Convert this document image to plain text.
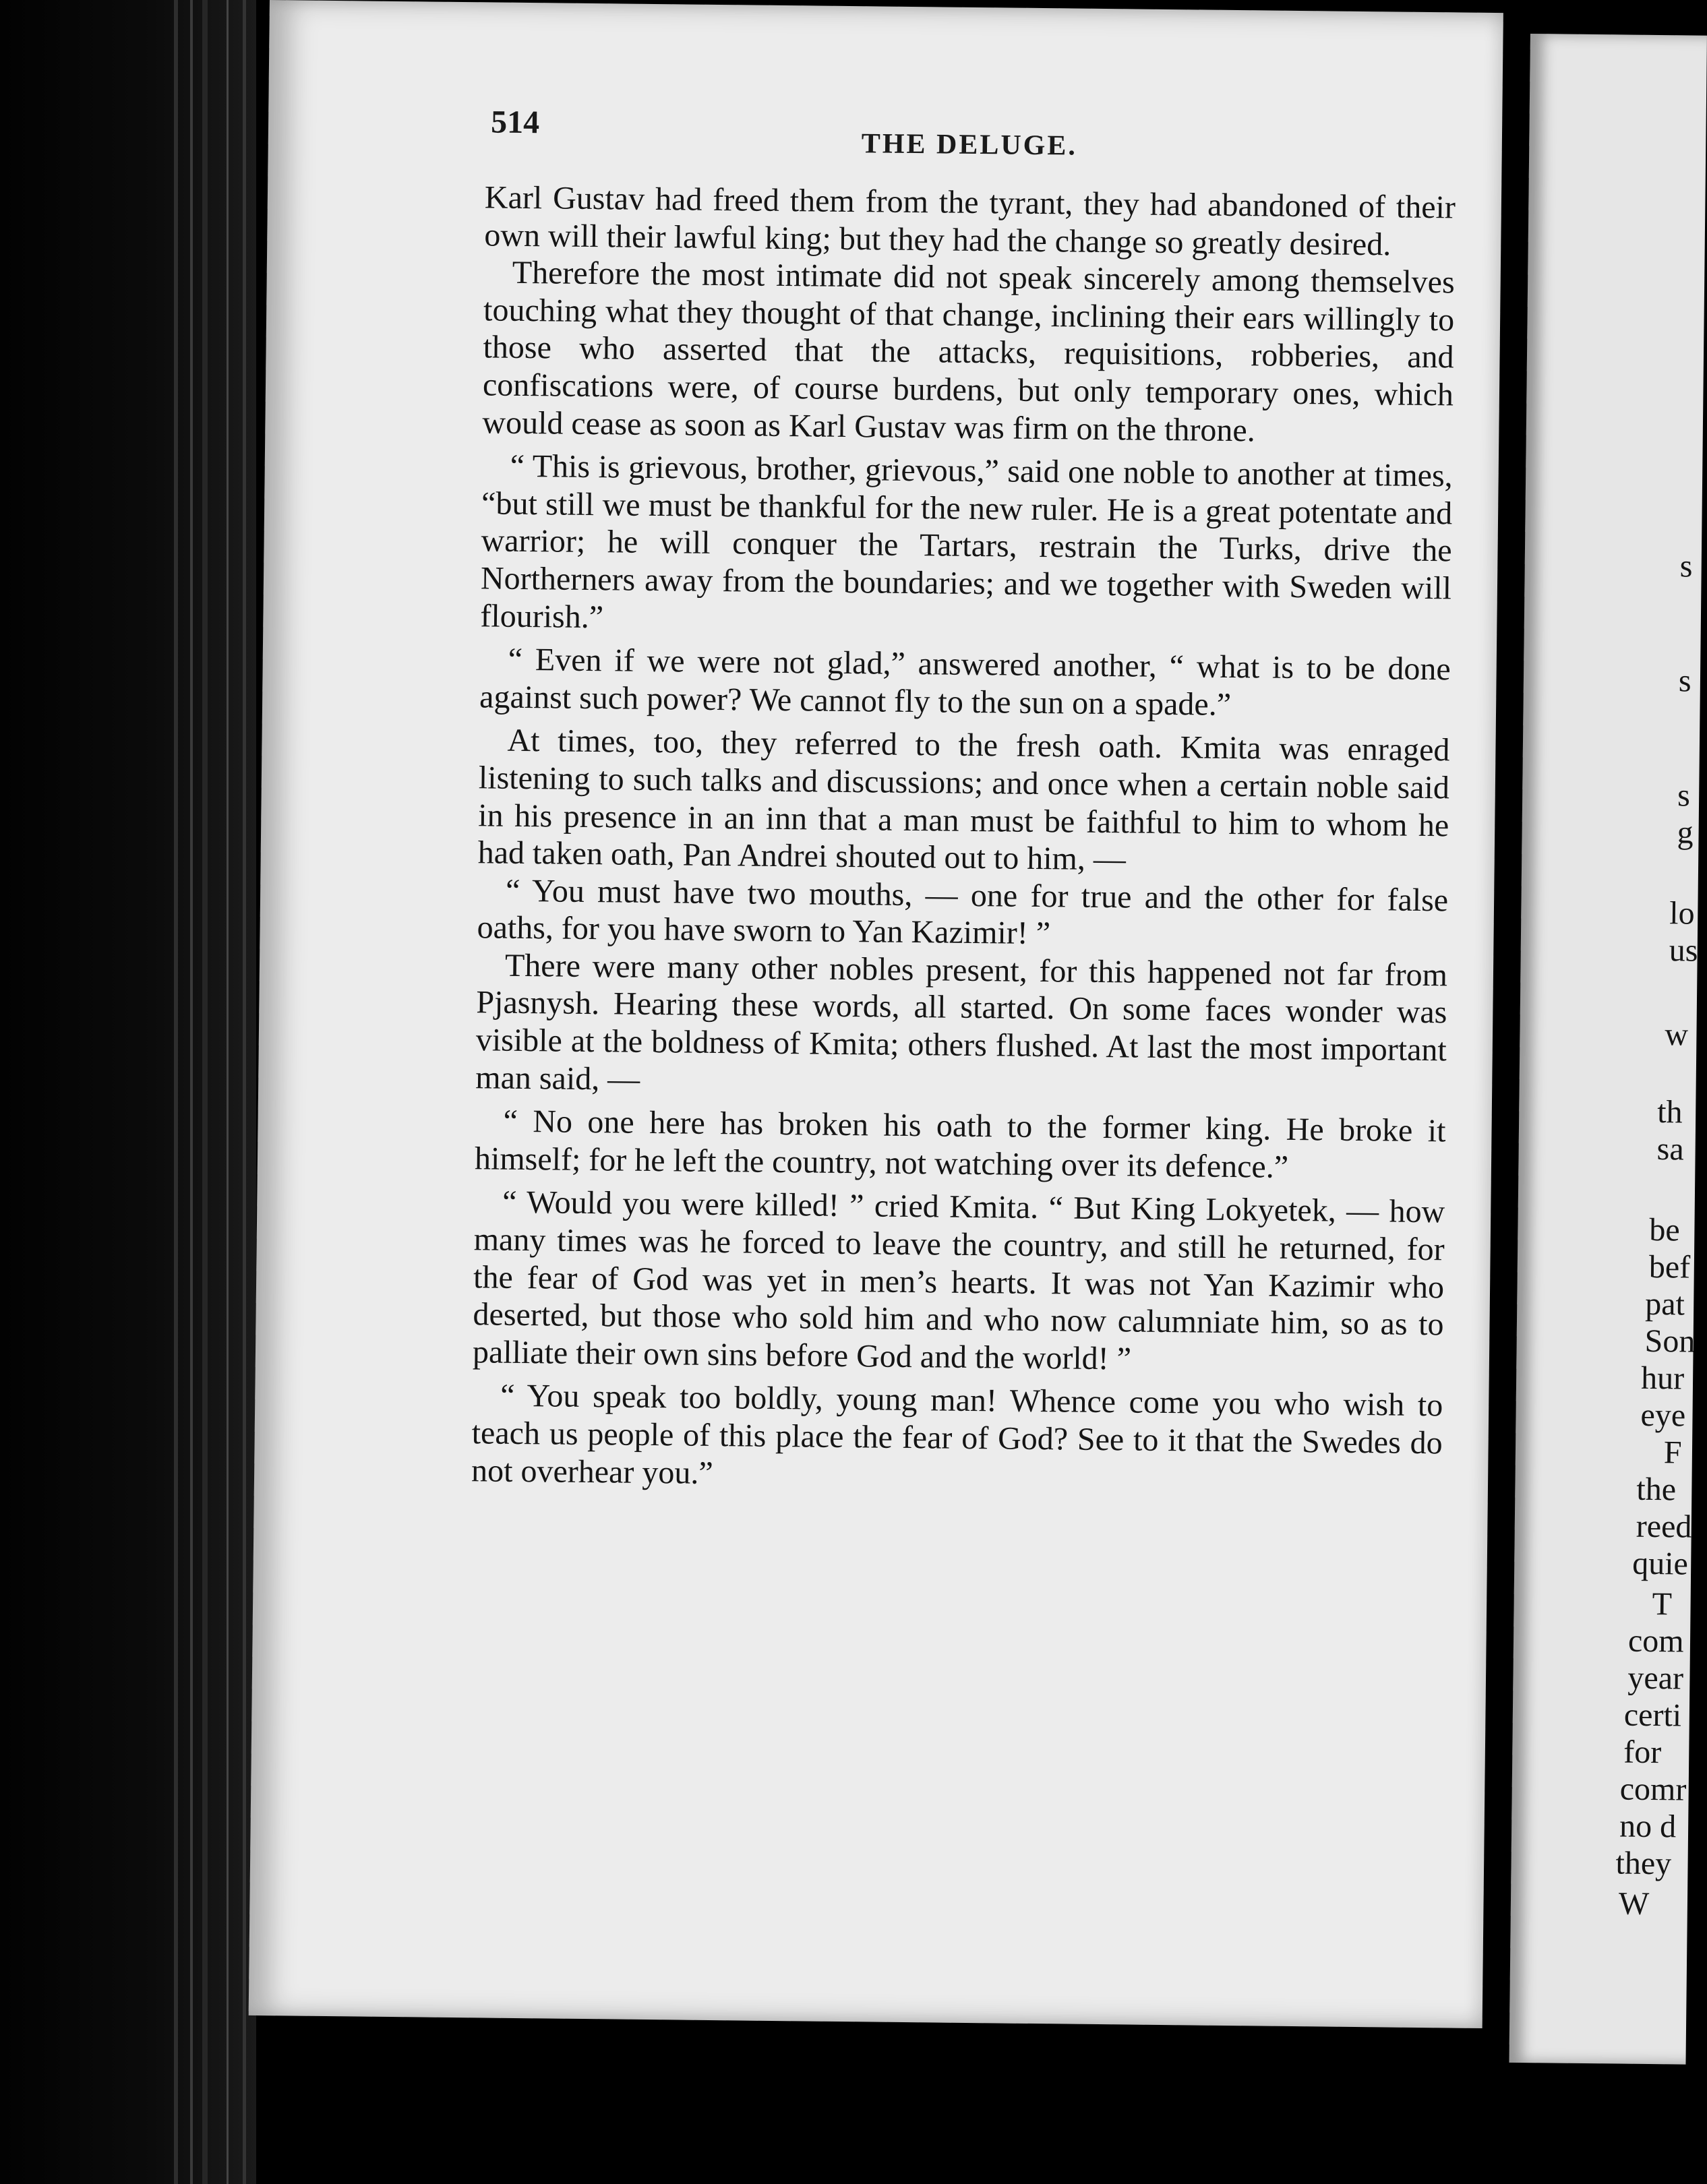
514
THE DELUGE.

Karl Gustav had freed them from the tyrant, they had abandoned of their own will their lawful king; but they had the change so greatly desired.

Therefore the most intimate did not speak sincerely among themselves touching what they thought of that change, inclining their ears willingly to those who asserted that the attacks, requisitions, robberies, and confiscations were, of course burdens, but only temporary ones, which would cease as soon as Karl Gustav was firm on the throne.

“ This is grievous, brother, grievous,” said one noble to another at times, “but still we must be thankful for the new ruler. He is a great potentate and warrior; he will conquer the Tartars, restrain the Turks, drive the Northerners away from the boundaries; and we together with Sweden will flourish.”

“ Even if we were not glad,” answered another, “ what is to be done against such power? We cannot fly to the sun on a spade.”

At times, too, they referred to the fresh oath. Kmita was enraged listening to such talks and discussions; and once when a certain noble said in his presence in an inn that a man must be faithful to him to whom he had taken oath, Pan Andrei shouted out to him, —

“ You must have two mouths, — one for true and the other for false oaths, for you have sworn to Yan Kazimir! ”

There were many other nobles present, for this happened not far from Pjasnysh. Hearing these words, all started. On some faces wonder was visible at the boldness of Kmita; others flushed. At last the most important man said, —

“ No one here has broken his oath to the former king. He broke it himself; for he left the country, not watching over its defence.”

“ Would you were killed! ” cried Kmita. “ But King Lokyetek, — how many times was he forced to leave the country, and still he returned, for the fear of God was yet in men’s hearts. It was not Yan Kazimir who deserted, but those who sold him and who now calumniate him, so as to palliate their own sins before God and the world! ”

“ You speak too boldly, young man! Whence come you who wish to teach us people of this place the fear of God? See to it that the Swedes do not overhear you.”

s
s
s
g
lo
us
w
th
sa
be
bef
pat
Son
hur
eye
F
the
reed
quie
T
com
year
certi
for
comr
no d
they
W
